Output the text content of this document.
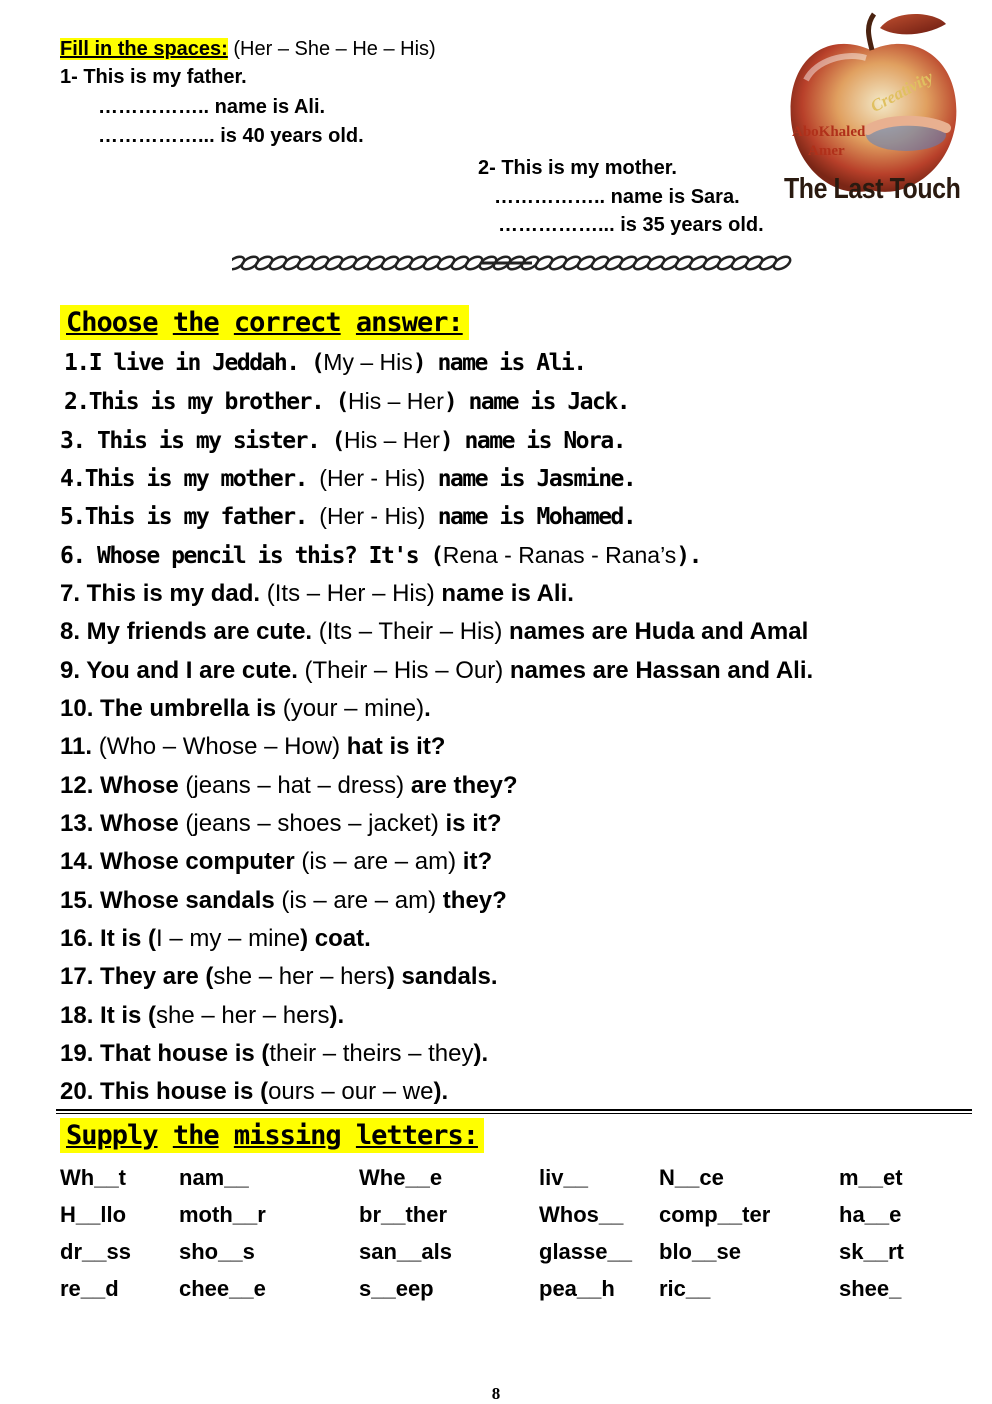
Fill in the spaces: (Her – She – He – His)
1- This is my father.
…………….. name is Ali.
……………... is 40 years old.
2- This is my mother.
…………….. name is Sara.
……………... is 35 years old.
Creativity
AboKhaled
Amer
The Last Touch
Choose the correct answer:
1.I live in Jeddah. (My – His) name is Ali.
2.This is my brother. (His – Her) name is Jack.
3. This is my sister. (His – Her) name is Nora.
4.This is my mother. (Her - His) name is Jasmine.
5.This is my father. (Her - His) name is Mohamed.
6. Whose pencil is this? It's (Rena - Ranas - Rana’s).
7. This is my dad. (Its – Her – His) name is Ali.
8. My friends are cute. (Its – Their – His) names are Huda and Amal
9. You and I are cute. (Their – His – Our) names are Hassan and Ali.
10. The umbrella is (your – mine).
11. (Who – Whose – How) hat is it?
12. Whose (jeans – hat – dress) are they?
13. Whose (jeans – shoes – jacket) is it?
14. Whose computer (is – are – am) it?
15. Whose sandals (is – are – am) they?
16. It is (I – my – mine) coat.
17. They are (she – her – hers) sandals.
18. It is (she – her – hers).
19. That house is (their – theirs – they).
20. This house is (ours – our – we).
Supply the missing letters:
Wh__t nam__	Whe__e	liv__	N__ce	m__et
H__llo moth__r	br__ther	Whos__ comp__ter	ha__e
dr__ss sho__s	san__als	glasse__ blo__se	sk__rt
re__d	chee__e	s__eep	pea__h ric__	shee_
8
